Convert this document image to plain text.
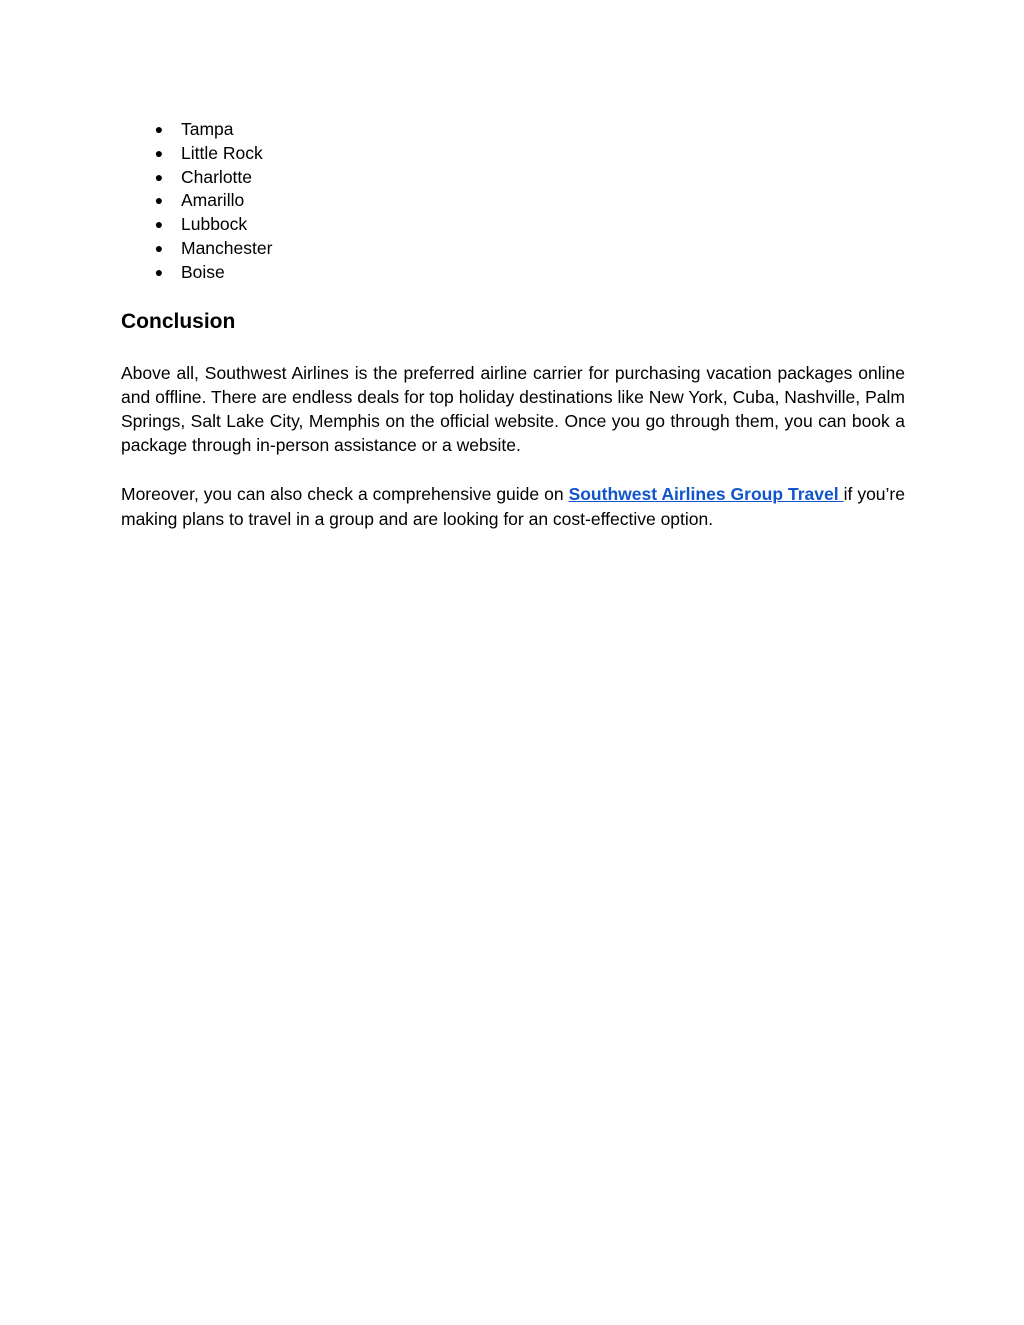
● Tampa
● Little Rock
● Charlotte
● Amarillo
● Lubbock
● Manchester
● Boise
Conclusion

Above all, Southwest Airlines is the preferred airline carrier for purchasing vacation packages online and offline. There are endless deals for top holiday destinations like New York, Cuba, Nashville, Palm Springs, Salt Lake City, Memphis on the official website. Once you go through them, you can book a package through in-person assistance or a website.

Moreover, you can also check a comprehensive guide on Southwest Airlines Group Travel if you’re making plans to travel in a group and are looking for an cost-effective option.
